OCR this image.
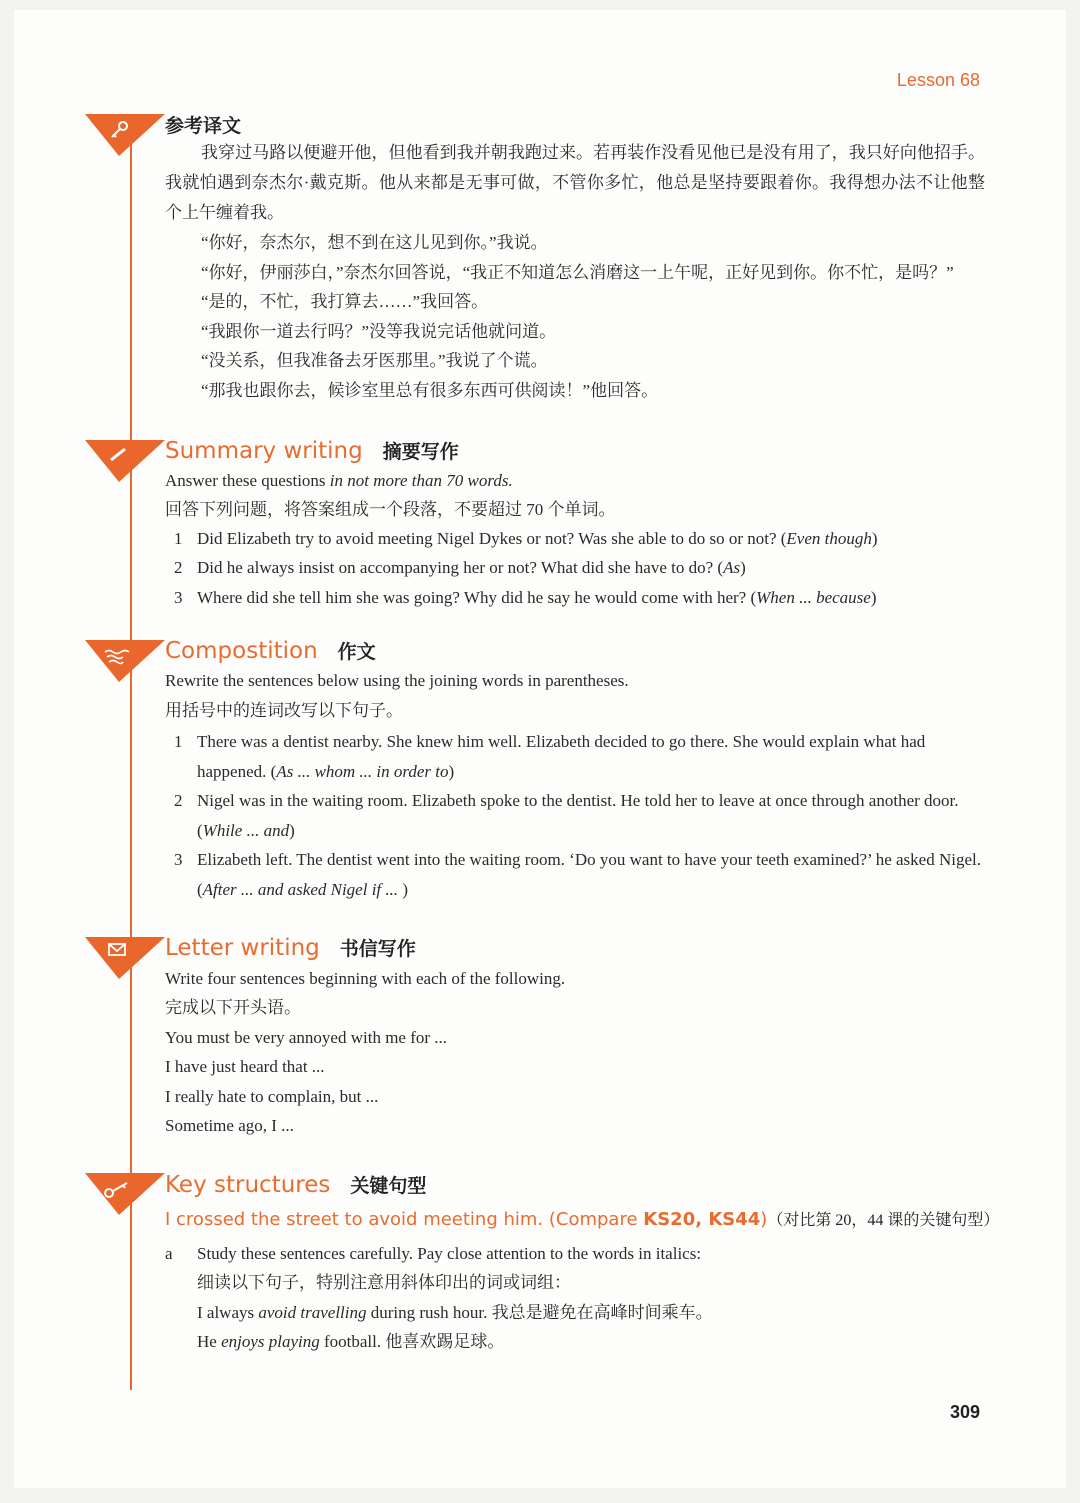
Lesson 68
参考译文
我穿过马路以便避开他，但他看到我并朝我跑过来。若再装作没看见他已是没有用了，我只好向他招手。我就怕遇到奈杰尔·戴克斯。他从来都是无事可做，不管你多忙，他总是坚持要跟着你。我得想办法不让他整个上午缠着我。
“你好，奈杰尔，想不到在这儿见到你。”我说。
“你好，伊丽莎白，”奈杰尔回答说，“我正不知道怎么消磨这一上午呢，正好见到你。你不忙，是吗？”
“是的，不忙，我打算去……”我回答。
“我跟你一道去行吗？”没等我说完话他就问道。
“没关系，但我准备去牙医那里。”我说了个谎。
“那我也跟你去，候诊室里总有很多东西可供阅读！”他回答。
Summary writing 摘要写作
Answer these questions in not more than 70 words.
回答下列问题，将答案组成一个段落，不要超过 70 个单词。
1 Did Elizabeth try to avoid meeting Nigel Dykes or not? Was she able to do so or not? (Even though)
2 Did he always insist on accompanying her or not? What did she have to do? (As)
3 Where did she tell him she was going? Why did he say he would come with her? (When ... because)
Compostition 作文
Rewrite the sentences below using the joining words in parentheses.
用括号中的连词改写以下句子。
1 There was a dentist nearby. She knew him well. Elizabeth decided to go there. She would explain what had happened. (As ... whom ... in order to)
2 Nigel was in the waiting room. Elizabeth spoke to the dentist. He told her to leave at once through another door. (While ... and)
3 Elizabeth left. The dentist went into the waiting room. ‘Do you want to have your teeth examined?’ he asked Nigel. (After ... and asked Nigel if ... )
Letter writing 书信写作
Write four sentences beginning with each of the following.
完成以下开头语。
You must be very annoyed with me for ...
I have just heard that ...
I really hate to complain, but ...
Sometime ago, I ...
Key structures 关键句型
I crossed the street to avoid meeting him. (Compare KS20, KS44)（对比第 20，44 课的关键句型）
a	Study these sentences carefully. Pay close attention to the words in italics:
细读以下句子，特别注意用斜体印出的词或词组：
I always avoid travelling during rush hour. 我总是避免在高峰时间乘车。
He enjoys playing football. 他喜欢踢足球。
309
